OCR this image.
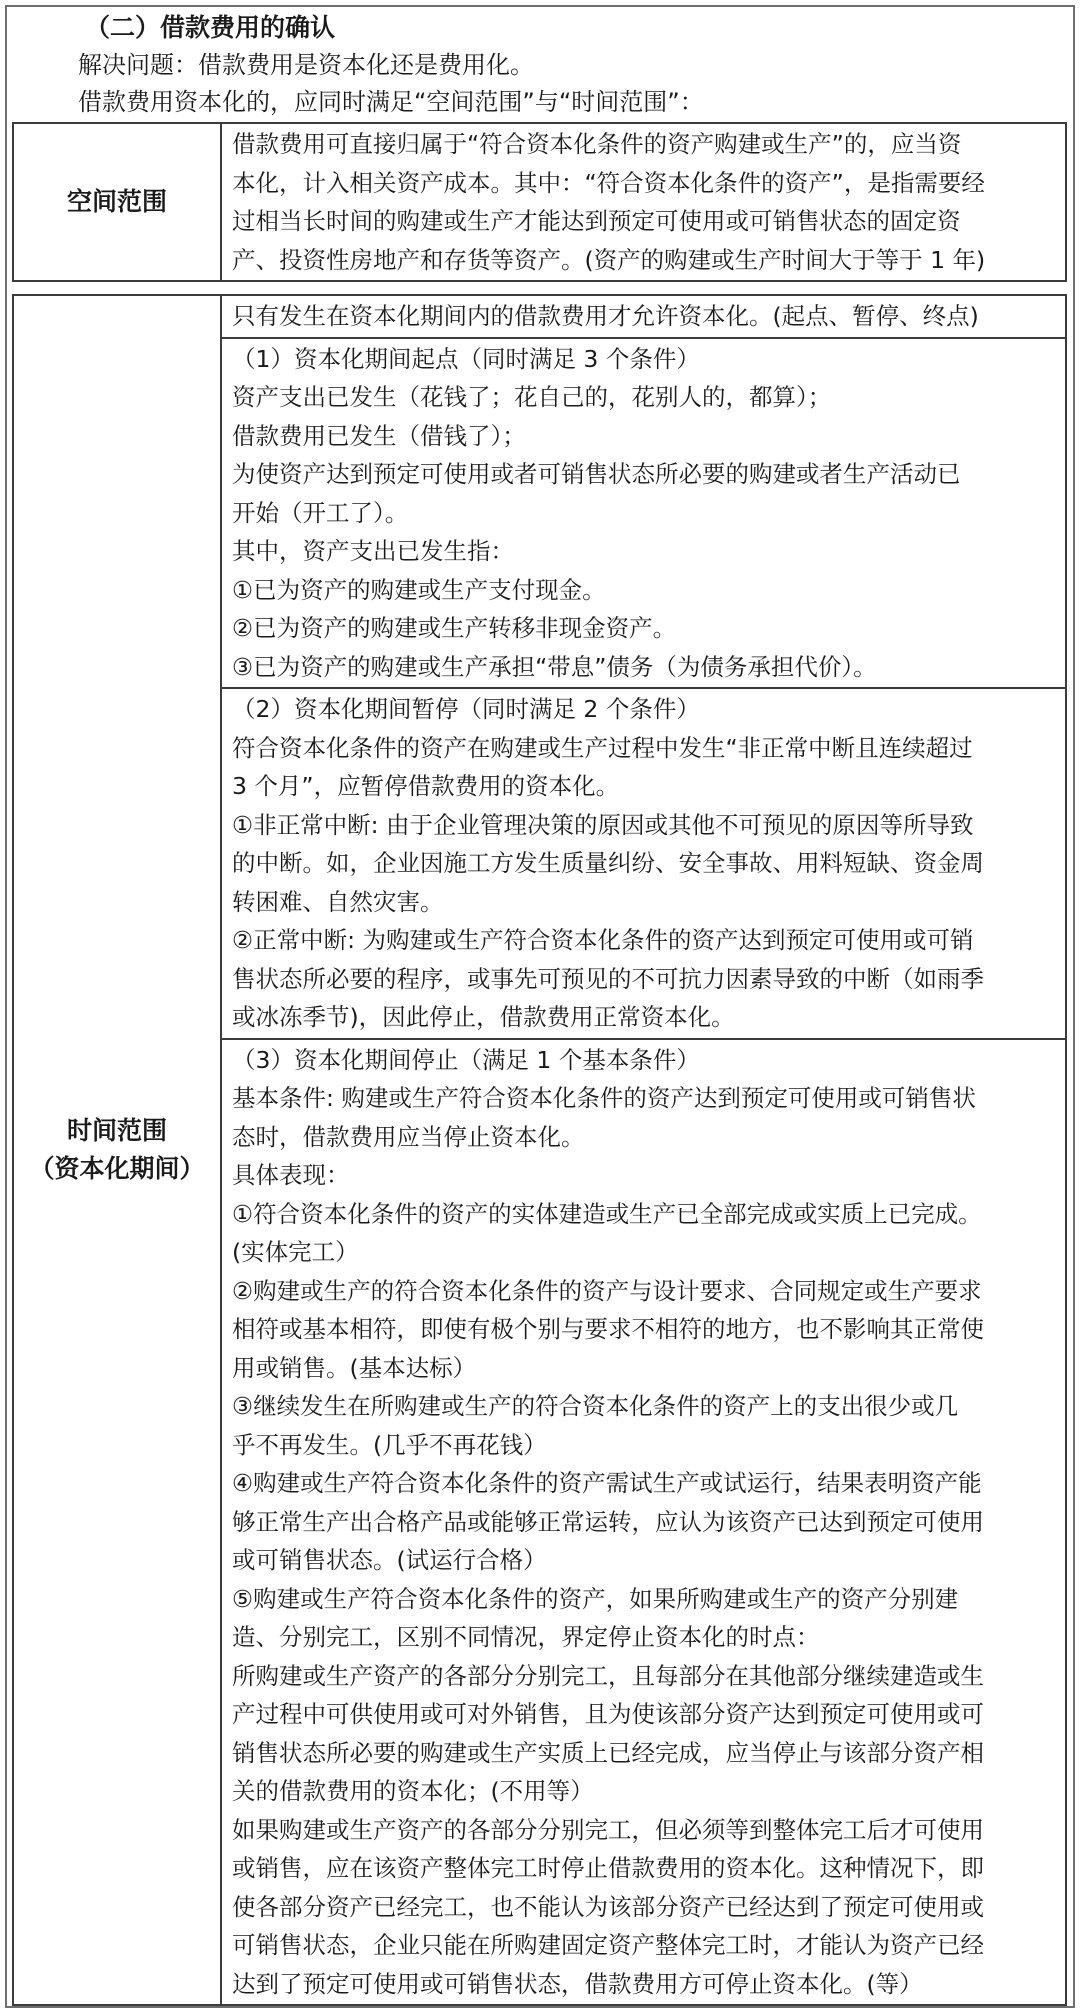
（二）借款费用的确认
解决问题：借款费用是资本化还是费用化。
借款费用资本化的，应同时满足“空间范围”与“时间范围”：
空间范围	
借款费用可直接归属于“符合资本化条件的资产购建或生产”的，应当资
本化，计入相关资产成本。其中：“符合资本化条件的资产”，是指需要经
过相当长时间的购建或生产才能达到预定可使用或可销售状态的固定资
产、投资性房地产和存货等资产。(资产的购建或生产时间大于等于 1 年)
时间范围
（资本化期间）

只有发生在资本化期间内的借款费用才允许资本化。(起点、暂停、终点)

（1）资本化期间起点（同时满足 3 个条件）
资产支出已发生（花钱了；花自己的，花别人的，都算）；
借款费用已发生（借钱了）；
为使资产达到预定可使用或者可销售状态所必要的购建或者生产活动已
开始（开工了）。
其中，资产支出已发生指：
①已为资产的购建或生产支付现金。
②已为资产的购建或生产转移非现金资产。
③已为资产的购建或生产承担“带息”债务（为债务承担代价）。

（2）资本化期间暂停（同时满足 2 个条件）
符合资本化条件的资产在购建或生产过程中发生“非正常中断且连续超过
3 个月”，应暂停借款费用的资本化。
①非正常中断: 由于企业管理决策的原因或其他不可预见的原因等所导致
的中断。如，企业因施工方发生质量纠纷、安全事故、用料短缺、资金周
转困难、自然灾害。
②正常中断: 为购建或生产符合资本化条件的资产达到预定可使用或可销
售状态所必要的程序，或事先可预见的不可抗力因素导致的中断（如雨季
或冰冻季节)，因此停止，借款费用正常资本化。

（3）资本化期间停止（满足 1 个基本条件）
基本条件: 购建或生产符合资本化条件的资产达到预定可使用或可销售状
态时，借款费用应当停止资本化。
具体表现：
①符合资本化条件的资产的实体建造或生产已全部完成或实质上已完成。
(实体完工）
②购建或生产的符合资本化条件的资产与设计要求、合同规定或生产要求
相符或基本相符，即使有极个别与要求不相符的地方，也不影响其正常使
用或销售。(基本达标）
③继续发生在所购建或生产的符合资本化条件的资产上的支出很少或几
乎不再发生。(几乎不再花钱）
④购建或生产符合资本化条件的资产需试生产或试运行，结果表明资产能
够正常生产出合格产品或能够正常运转，应认为该资产已达到预定可使用
或可销售状态。(试运行合格）
⑤购建或生产符合资本化条件的资产，如果所购建或生产的资产分别建
造、分别完工，区别不同情况，界定停止资本化的时点：
所购建或生产资产的各部分分别完工，且每部分在其他部分继续建造或生
产过程中可供使用或可对外销售，且为使该部分资产达到预定可使用或可
销售状态所必要的购建或生产实质上已经完成，应当停止与该部分资产相
关的借款费用的资本化；(不用等）
如果购建或生产资产的各部分分别完工，但必须等到整体完工后才可使用
或销售，应在该资产整体完工时停止借款费用的资本化。这种情况下，即
使各部分资产已经完工，也不能认为该部分资产已经达到了预定可使用或
可销售状态，企业只能在所购建固定资产整体完工时，才能认为资产已经
达到了预定可使用或可销售状态，借款费用方可停止资本化。(等）
